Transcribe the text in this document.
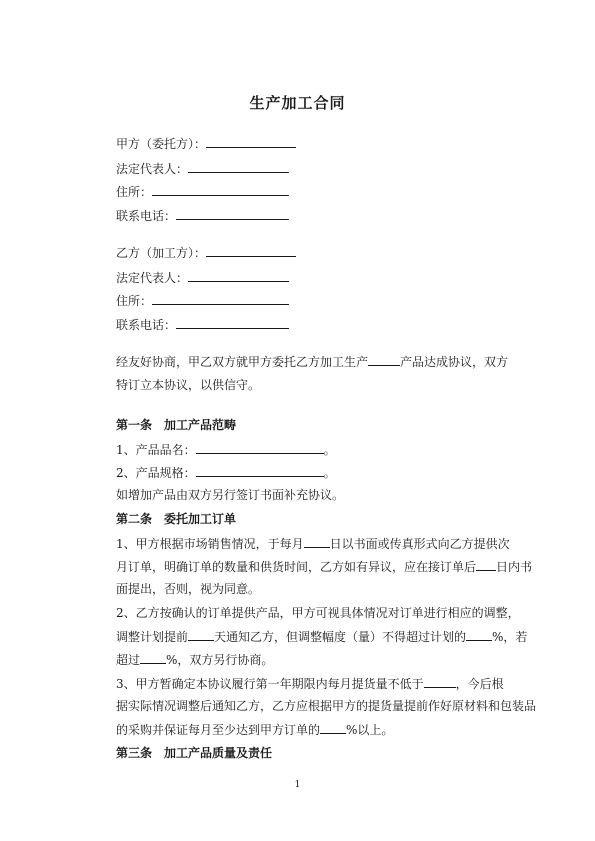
生产加工合同
甲方（委托方）：
法定代表人：
住所：
联系电话：
乙方（加工方）：
法定代表人：
住所：
联系电话：
经友好协商，甲乙双方就甲方委托乙方加工生产	产品达成协议，双方
特订立本协议，以供信守。
第一条　加工产品范畴
1、产品品名：	。
2、产品规格：	。
如增加产品由双方另行签订书面补充协议。
第二条　委托加工订单
1、甲方根据市场销售情况，于每月 日以书面或传真形式向乙方提供次
月订单，明确订单的数量和供货时间，乙方如有异议，应在接订单后 日内书
面提出，否则，视为同意。
2、乙方按确认的订单提供产品，甲方可视具体情况对订单进行相应的调整，
调整计划提前 天通知乙方，但调整幅度（量）不得超过计划的 %，若
超过 %，双方另行协商。
3、甲方暂确定本协议履行第一年期限内每月提货量不低于	，今后根
据实际情况调整后通知乙方，乙方应根据甲方的提货量提前作好原材料和包装品
的采购并保证每月至少达到甲方订单的 %以上。
第三条　加工产品质量及责任
1
